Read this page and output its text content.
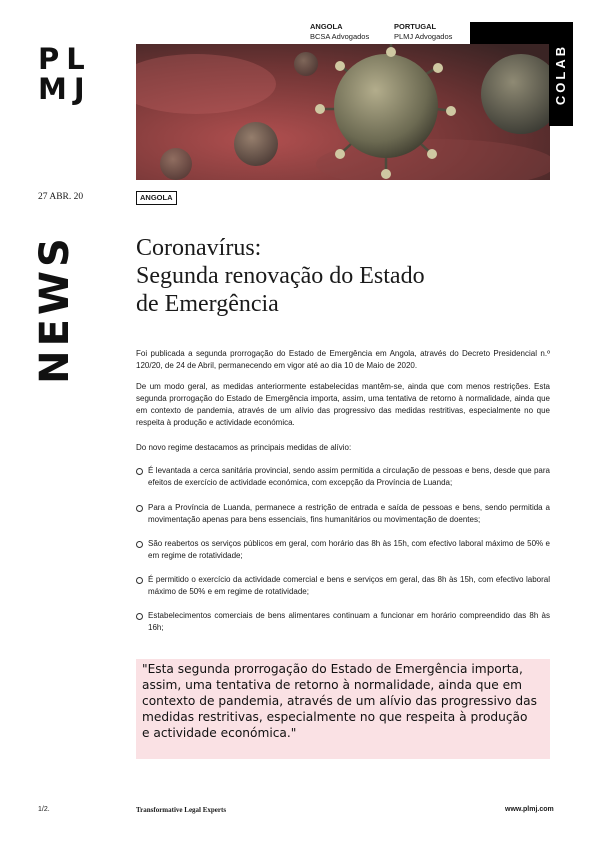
PL
MJ
ANGOLA
BCSA Advogados
PORTUGAL
PLMJ Advogados
COLAB
27 ABR. 20	ANGOLA
NEWS Coronavírus:
Segunda renovação do Estado
de Emergência

Foi publicada a segunda prorrogação do Estado de Emergência em Angola, através do Decreto Presidencial n.º 120/20, de 24 de Abril, permanecendo em vigor até ao dia 10 de Maio de 2020.

De um modo geral, as medidas anteriormente estabelecidas mantêm-se, ainda que com menos restrições. Esta segunda prorrogação do Estado de Emergência importa, assim, uma tentativa de retorno à normalidade, ainda que em contexto de pandemia, através de um alívio das progressivo das medidas restritivas, especialmente no que respeita à produção e actividade económica.

Do novo regime destacamos as principais medidas de alívio:

É levantada a cerca sanitária provincial, sendo assim permitida a circulação de pessoas e bens, desde que para efeitos de exercício de actividade económica, com excepção da Província de Luanda;
Para a Província de Luanda, permanece a restrição de entrada e saída de pessoas e bens, sendo permitida a movimentação apenas para bens essenciais, fins humanitários ou movimentação de doentes;
São reabertos os serviços públicos em geral, com horário das 8h às 15h, com efectivo laboral máximo de 50% e em regime de rotatividade;
É permitido o exercício da actividade comercial e bens e serviços em geral, das 8h às 15h, com efectivo laboral máximo de 50% e em regime de rotatividade;
Estabelecimentos comerciais de bens alimentares continuam a funcionar em horário compreendido das 8h às 16h;
"Esta segunda prorrogação do Estado de Emergência importa, assim, uma tentativa de retorno à normalidade, ainda que em contexto de pandemia, através de um alívio das progressivo das medidas restritivas, especialmente no que respeita à produção e actividade económica."
1/2.	Transformative Legal Experts	www.plmj.com
